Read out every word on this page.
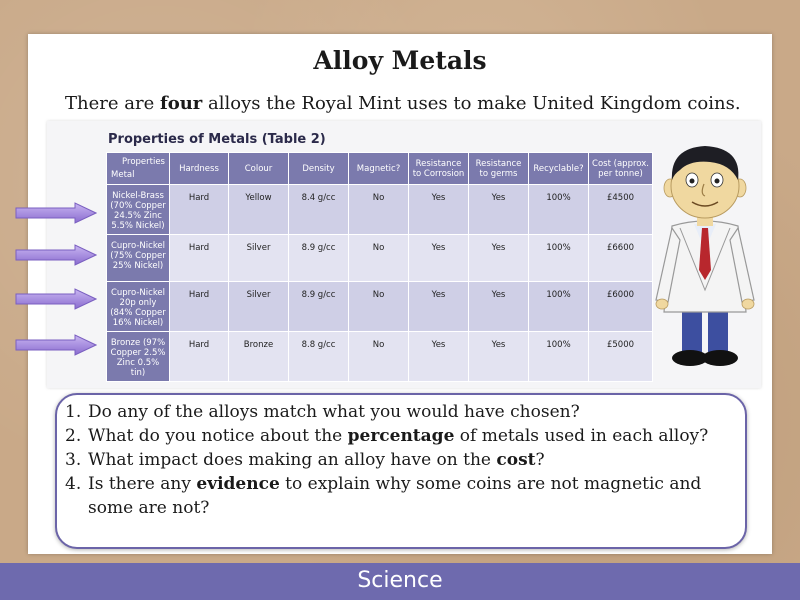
Alloy Metals

There are four alloys the Royal Mint uses to make United Kingdom coins.

Properties of Metals (Table 2)
Properties
Metal	Hardness	Colour	Density	Magnetic?	Resistance to Corrosion	Resistance to germs	Recyclable?	Cost (approx. per tonne)
Nickel-Brass (70% Copper 24.5% Zinc 5.5% Nickel)	Hard	Yellow	8.4 g/cc	No	Yes	Yes	100%	£4500
Cupro-Nickel (75% Copper 25% Nickel)	Hard	Silver	8.9 g/cc	No	Yes	Yes	100%	£6600
Cupro-Nickel 20p only (84% Copper 16% Nickel)	Hard	Silver	8.9 g/cc	No	Yes	Yes	100%	£6000
Bronze (97% Copper 2.5% Zinc 0.5% tin)	Hard	Bronze	8.8 g/cc	No	Yes	Yes	100%	£5000
1. Do any of the alloys match what you would have chosen?
2. What do you notice about the percentage of metals used in each alloy?
3. What impact does making an alloy have on the cost?
4. Is there any evidence to explain why some coins are not magnetic and some are not?
Science
